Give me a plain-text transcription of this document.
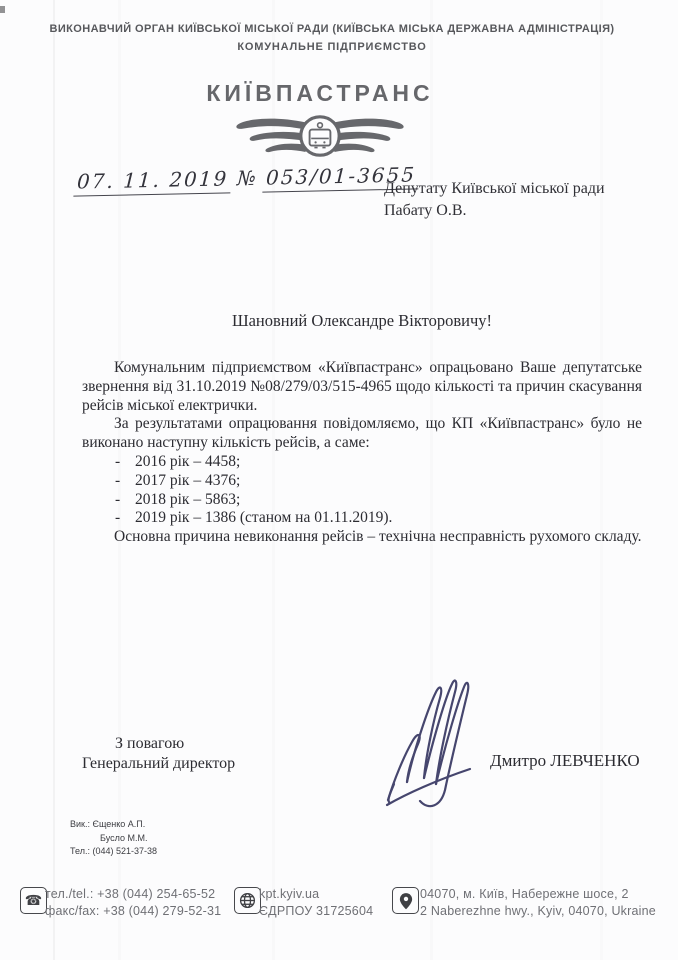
ВИКОНАВЧИЙ ОРГАН КИЇВСЬКОЇ МІСЬКОЇ РАДИ (КИЇВСЬКА МІСЬКА ДЕРЖАВНА АДМІНІСТРАЦІЯ)
КОМУНАЛЬНЕ ПІДПРИЄМСТВО
КИЇВПАСТРАНС
07. 11. 2019 № 053/01-3655
Депутату Київської міської ради
Пабату О.В.
Шановний Олександре Вікторовичу!

Комунальним підприємством «Київпастранс» опрацьовано Ваше депутатське звернення від 31.10.2019 №08/279/03/515-4965 щодо кількості та причин скасування рейсів міської електрички.

За результатами опрацювання повідомляємо, що КП «Київпастранс» було не виконано наступну кількість рейсів, а саме:

- 2016 рік – 4458;
- 2017 рік – 4376;
- 2018 рік – 5863;
- 2019 рік – 1386 (станом на 01.11.2019).

Основна причина невиконання рейсів – технічна несправність рухомого складу.

З повагою
Генеральний директор	Дмитро ЛЕВЧЕНКО
Вик.: Єщенко А.П.
Бусло М.М.
Тел.: (044) 521-37-38
☎ тел./tel.: +38 (044) 254-65-52
факс/fax: +38 (044) 279-52-31
kpt.kyiv.ua
ЄДРПОУ 31725604
04070, м. Київ, Набережне шосе, 2
2 Naberezhne hwy., Kyiv, 04070, Ukraine
